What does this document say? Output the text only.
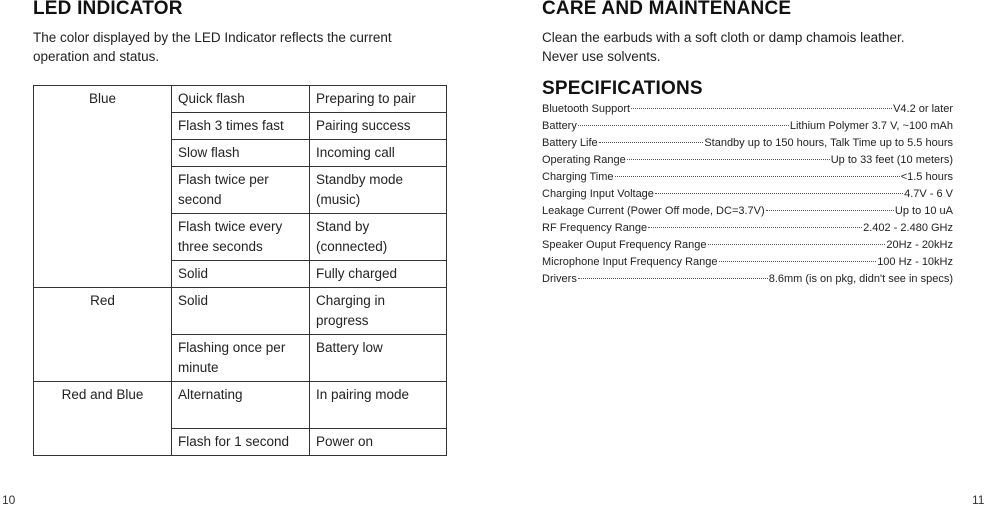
LED INDICATOR

The color displayed by the LED Indicator reflects the current
operation and status.

Blue	Quick flash	Preparing to pair

	Flash 3 times fast	Pairing success

	Slow flash	Incoming call

	Flash twice per
second	Standby mode
(music)

	Flash twice every
three seconds	Stand by
(connected)

	Solid	Fully charged

Red	Solid	Charging in
progress

	Flashing once per
minute	Battery low

Red and Blue	Alternating	In pairing mode

	Flash for 1 second	Power on
10
CARE AND MAINTENANCE

Clean the earbuds with a soft cloth or damp chamois leather.
Never use solvents.

SPECIFICATIONS
Bluetooth Support	V4.2 or later
Battery	Lithium Polymer 3.7 V, ~100 mAh
Battery Life	Standby up to 150 hours, Talk Time up to 5.5 hours
Operating Range	Up to 33 feet (10 meters)
Charging Time	<1.5 hours
Charging Input Voltage	4.7V - 6 V
Leakage Current (Power Off mode, DC=3.7V)	Up to 10 uA
RF Frequency Range	2.402 - 2.480 GHz
Speaker Ouput Frequency Range	20Hz - 20kHz
Microphone Input Frequency Range	100 Hz - 10kHz
Drivers	8.6mm (is on pkg, didn't see in specs)
11
